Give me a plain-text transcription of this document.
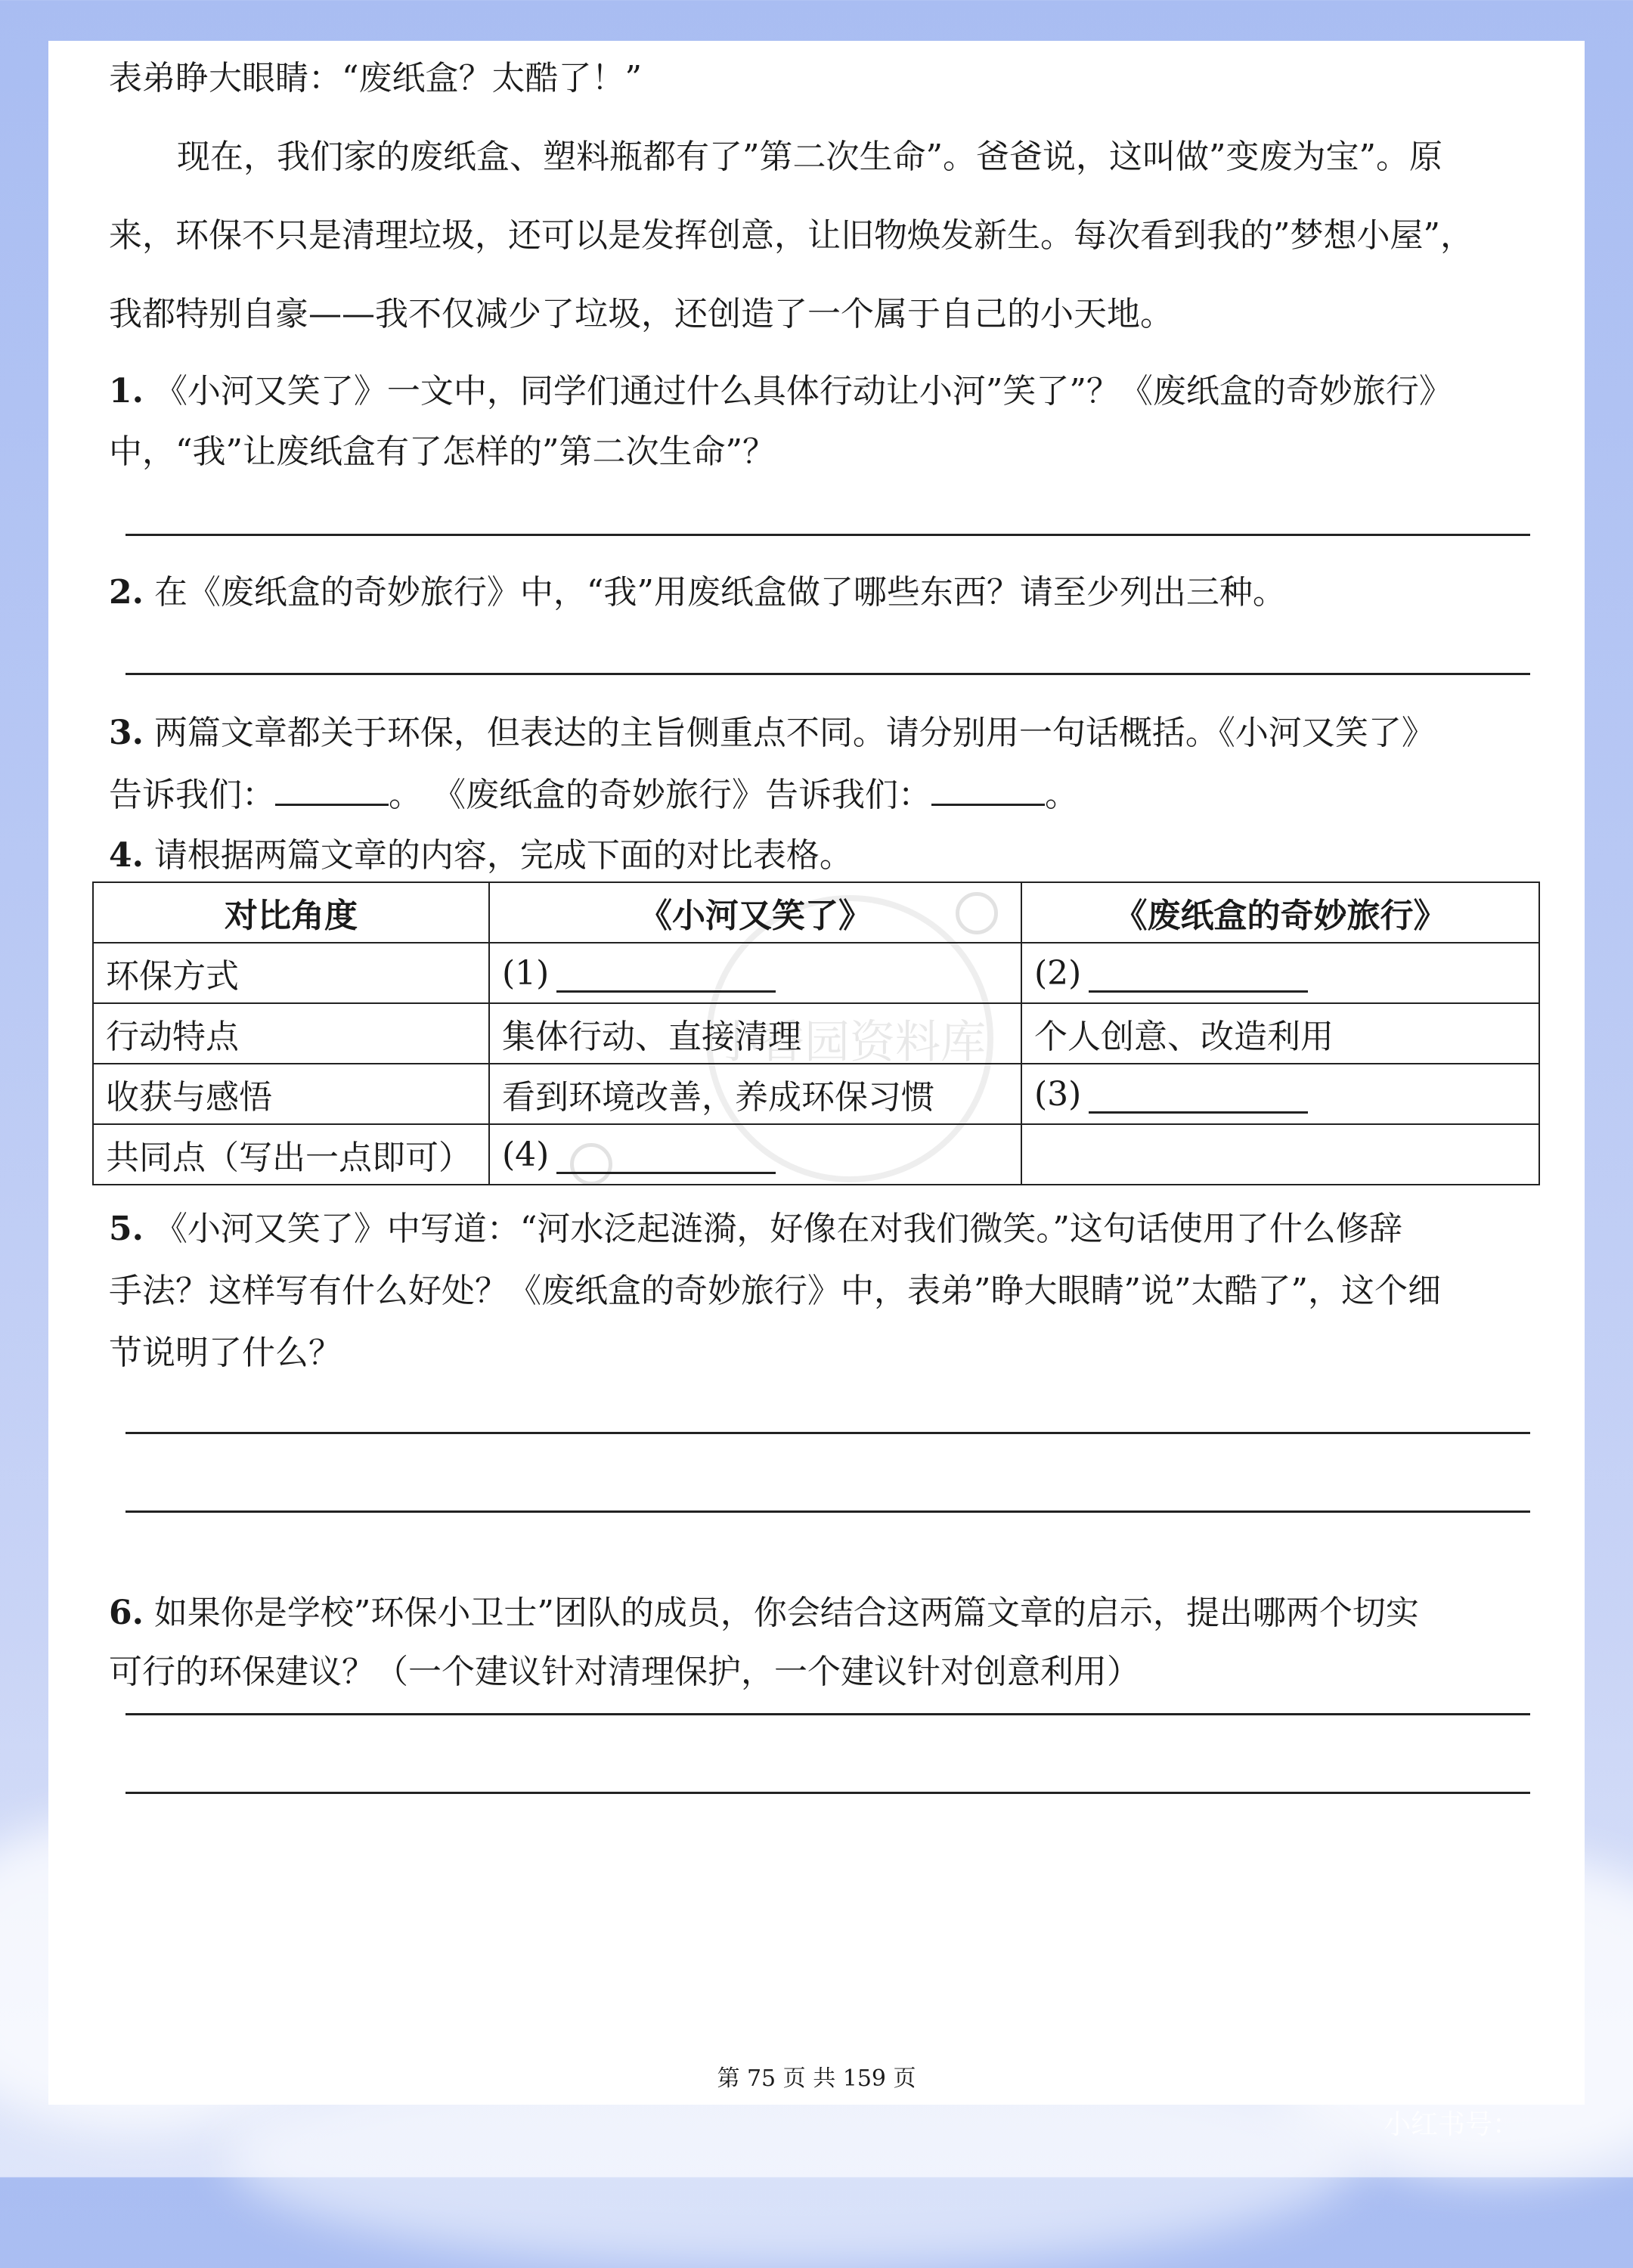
表弟睁大眼睛：“废纸盒？太酷了！”

现在，我们家的废纸盒、塑料瓶都有了”第二次生命”。爸爸说，这叫做”变废为宝”。原

来，环保不只是清理垃圾，还可以是发挥创意，让旧物焕发新生。每次看到我的”梦想小屋”，

我都特别自豪——我不仅减少了垃圾，还创造了一个属于自己的小天地。

1. 《小河又笑了》一文中，同学们通过什么具体行动让小河”笑了”？《废纸盒的奇妙旅行》

中，“我”让废纸盒有了怎样的”第二次生命”？

2. 在《废纸盒的奇妙旅行》中，“我”用废纸盒做了哪些东西？请至少列出三种。

3. 两篇文章都关于环保，但表达的主旨侧重点不同。请分别用一句话概括。《小河又笑了》

告诉我们：	。 《废纸盒的奇妙旅行》告诉我们：	。

4. 请根据两篇文章的内容，完成下面的对比表格。

小香园资料库
对比角度	《小河又笑了》	《废纸盒的奇妙旅行》
环保方式	(1)	(2)
行动特点	集体行动、直接清理	个人创意、改造利用
收获与感悟	看到环境改善，养成环保习惯	(3)
共同点（写出一点即可）	(4)	

5. 《小河又笑了》中写道：“河水泛起涟漪，好像在对我们微笑。”这句话使用了什么修辞

手法？这样写有什么好处？《废纸盒的奇妙旅行》中，表弟”睁大眼睛”说”太酷了”，这个细

节说明了什么？

6. 如果你是学校”环保小卫士”团队的成员，你会结合这两篇文章的启示，提出哪两个切实

可行的环保建议？（一个建议针对清理保护，一个建议针对创意利用）

第 75 页 共 159 页
小红书号：
